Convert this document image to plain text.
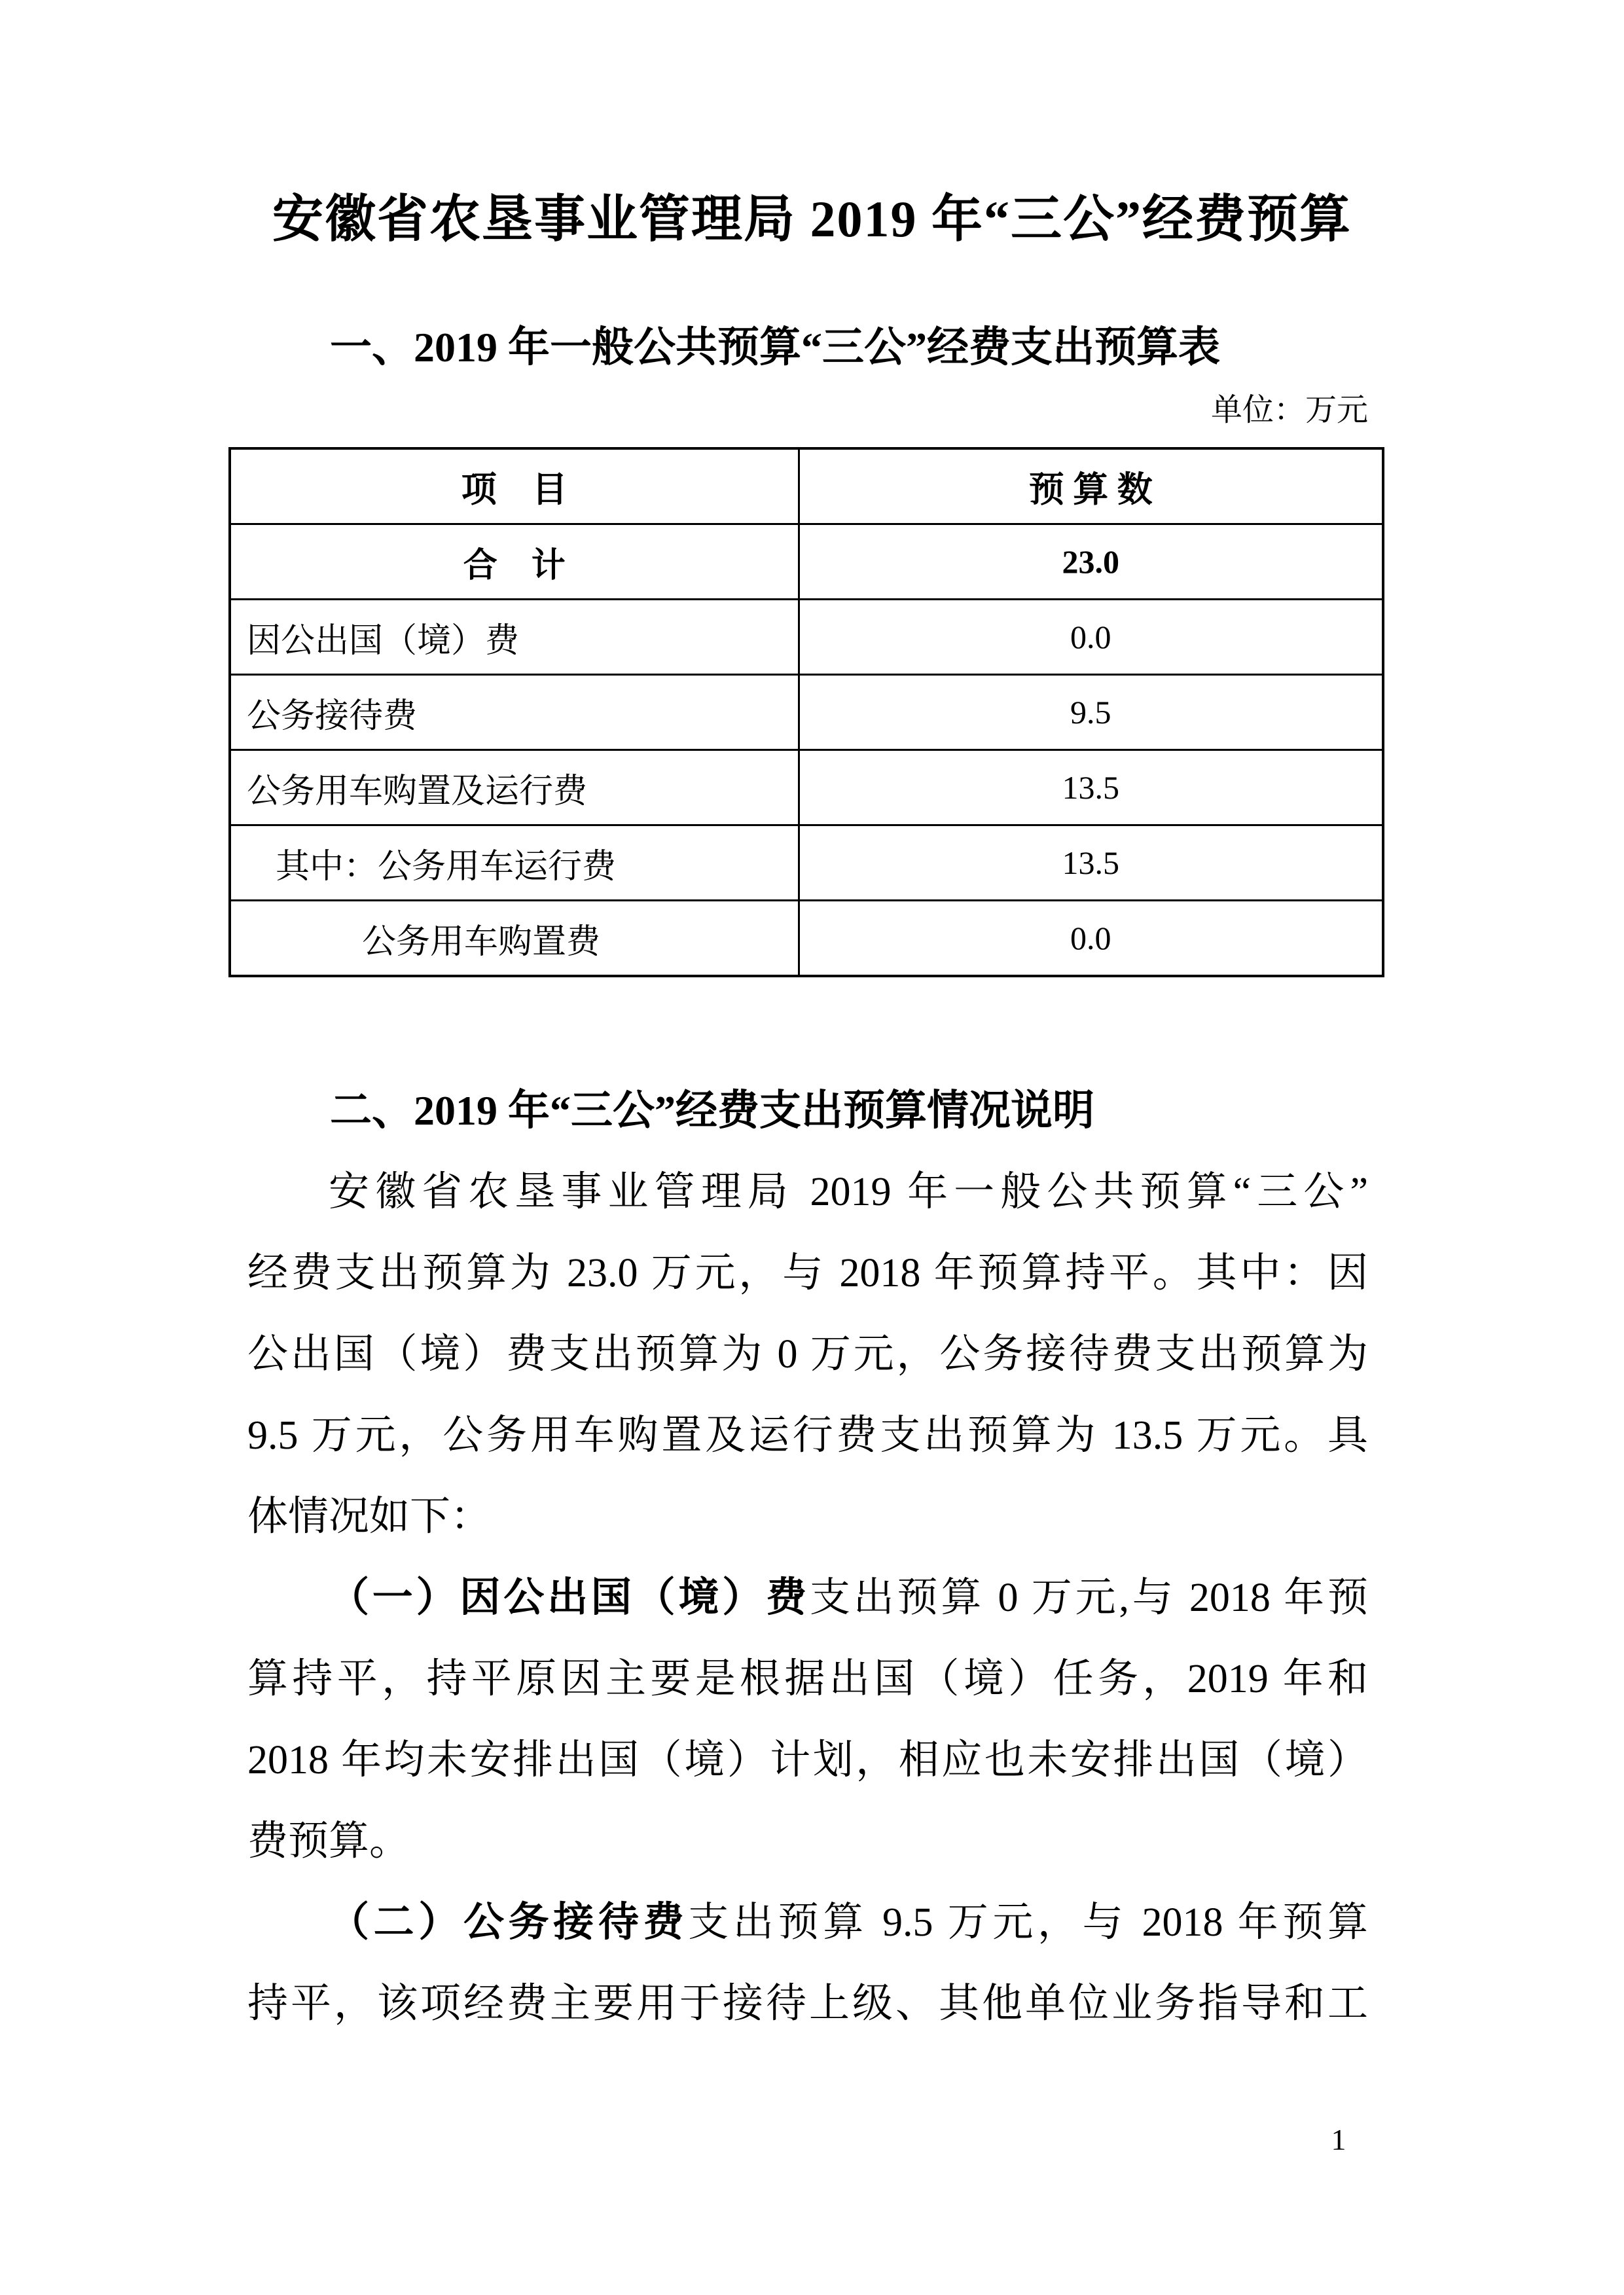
安徽省农垦事业管理局 2019 年“三公”经费预算
一、2019 年一般公共预算“三公”经费支出预算表
单位：万元
项　目	预 算 数
合　计	23.0
因公出国（境）费	0.0
公务接待费	9.5
公务用车购置及运行费	13.5
其中：公务用车运行费	13.5
公务用车购置费	0.0
二、2019 年“三公”经费支出预算情况说明
安徽省农垦事业管理局 2019 年一般公共预算“三公”
经费支出预算为 23.0 万元，与 2018 年预算持平。其中：因
公出国（境）费支出预算为 0 万元，公务接待费支出预算为
9.5 万元，公务用车购置及运行费支出预算为 13.5 万元。具
体情况如下：
（一）因公出国（境）费支出预算 0 万元,与 2018 年预
算持平，持平原因主要是根据出国（境）任务，2019 年和
2018 年均未安排出国（境）计划，相应也未安排出国（境）
费预算。
（二）公务接待费支出预算 9.5 万元，与 2018 年预算
持平，该项经费主要用于接待上级、其他单位业务指导和工
1
